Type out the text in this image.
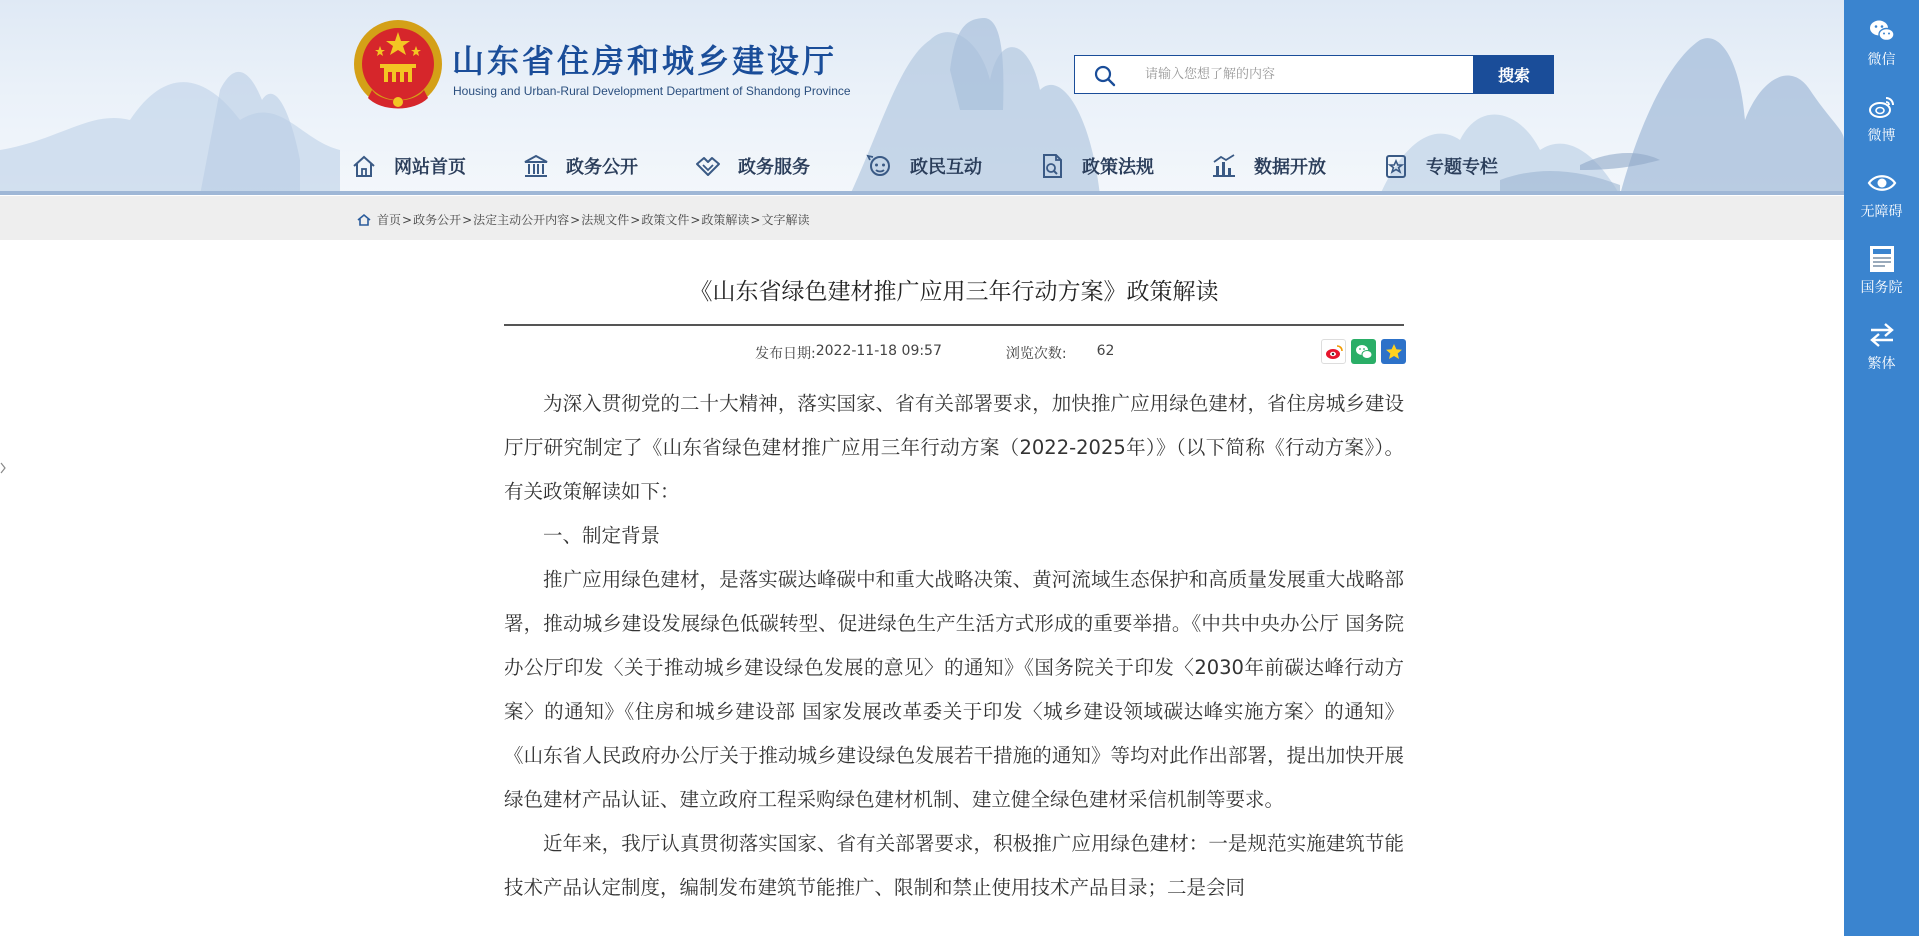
山东省住房和城乡建设厅
Housing and Urban-Rural Development Department of Shandong Province
请输入您想了解的内容
搜索
网站首页	政务公开	政务服务	政民互动	政策法规	数据开放	专题专栏
首页 > 政务公开 > 法定主动公开内容 > 法规文件 > 政策文件 > 政策解读 > 文字解读
《山东省绿色建材推广应用三年行动方案》政策解读
发布日期: 2022-11-18 09:57	浏览次数: 62

为深入贯彻党的二十大精神，落实国家、省有关部署要求，加快推广应用绿色建材，省住房城乡建设厅厅研究制定了《山东省绿色建材推广应用三年行动方案（2022-2025年）》（以下简称《行动方案》）。有关政策解读如下：

一、制定背景

推广应用绿色建材，是落实碳达峰碳中和重大战略决策、黄河流域生态保护和高质量发展重大战略部署，推动城乡建设发展绿色低碳转型、促进绿色生产生活方式形成的重要举措。《中共中央办公厅 国务院办公厅印发〈关于推动城乡建设绿色发展的意见〉的通知》《国务院关于印发〈2030年前碳达峰行动方案〉的通知》《住房和城乡建设部 国家发展改革委关于印发〈城乡建设领域碳达峰实施方案〉的通知》《山东省人民政府办公厅关于推动城乡建设绿色发展若干措施的通知》等均对此作出部署，提出加快开展绿色建材产品认证、建立政府工程采购绿色建材机制、建立健全绿色建材采信机制等要求。

近年来，我厅认真贯彻落实国家、省有关部署要求，积极推广应用绿色建材：一是规范实施建筑节能技术产品认定制度，编制发布建筑节能推广、限制和禁止使用技术产品目录；二是会同

微信
微博
无障碍
国务院
繁体
